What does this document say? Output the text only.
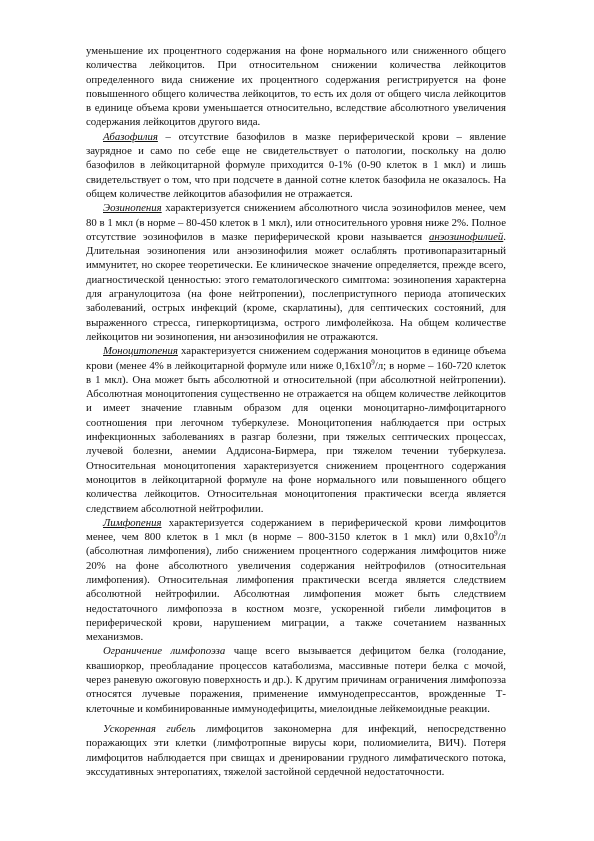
уменьшение их процентного содержания на фоне нормального или сниженного общего количества лейкоцитов. При относительном снижении количества лейкоцитов определенного вида снижение их процентного содержания регистрируется на фоне повышенного общего количества лейкоцитов, то есть их доля от общего числа лейкоцитов в единице объема крови уменьшается относительно, вследствие абсолютного увеличения содержания лейкоцитов другого вида.

Абазофилия – отсутствие базофилов в мазке периферической крови – явление заурядное и само по себе еще не свидетельствует о патологии, поскольку на долю базофилов в лейкоцитарной формуле приходится 0-1% (0-90 клеток в 1 мкл) и лишь свидетельствует о том, что при подсчете в данной сотне клеток базофила не оказалось. На общем количестве лейкоцитов абазофилия не отражается.

Эозинопения характеризуется снижением абсолютного числа эозинофилов менее, чем 80 в 1 мкл (в норме – 80-450 клеток в 1 мкл), или относительного уровня ниже 2%. Полное отсутствие эозинофилов в мазке периферической крови называется анэозинофилией. Длительная эозинопения или анэозинофилия может ослаблять противопаразитарный иммунитет, но скорее теоретически. Ее клиническое значение определяется, прежде всего, диагностической ценностью: этого гематологического симптома: эозинопения характерна для агранулоцитоза (на фоне нейтропении), послеприступного периода атопических заболеваний, острых инфекций (кроме, скарлатины), для септических состояний, для выраженного стресса, гиперкортицизма, острого лимфолейкоза. На общем количестве лейкоцитов ни эозинопения, ни анэозинофилия не отражаются.

Моноцитопения характеризуется снижением содержания моноцитов в единице объема крови (менее 4% в лейкоцитарной формуле или ниже $0,16х10^9/л$; в норме – 160-720 клеток в 1 мкл). Она может быть абсолютной и относительной (при абсолютной нейтропении). Абсолютная моноцитопения существенно не отражается на общем количестве лейкоцитов и имеет значение главным образом для оценки моноцитарно-лимфоцитарного соотношения при легочном туберкулезе. Моноцитопения наблюдается при острых инфекционных заболеваниях в разгар болезни, при тяжелых септических процессах, лучевой болезни, анемии Аддисона-Бирмера, при тяжелом течении туберкулеза. Относительная моноцитопения характеризуется снижением процентного содержания моноцитов в лейкоцитарной формуле на фоне нормального или повышенного общего количества лейкоцитов. Относительная моноцитопения практически всегда является следствием абсолютной нейтрофилии.

Лимфопения характеризуется содержанием в периферической крови лимфоцитов менее, чем 800 клеток в 1 мкл (в норме – 800-3150 клеток в 1 мкл) или $0,8х10^9/л$ (абсолютная лимфопения), либо снижением процентного содержания лимфоцитов ниже 20% на фоне абсолютного увеличения содержания нейтрофилов (относительная лимфопения). Относительная лимфопения практически всегда является следствием абсолютной нейтрофилии. Абсолютная лимфопения может быть следствием недостаточного лимфопоэза в костном мозге, ускоренной гибели лимфоцитов в периферической крови, нарушением миграции, а также сочетанием названных механизмов.

Ограничение лимфопоэза чаще всего вызывается дефицитом белка (голодание, квашиоркор, преобладание процессов катаболизма, массивные потери белка с мочой, через раневую ожоговую поверхность и др.). К другим причинам ограничения лимфопоэза относятся лучевые поражения, применение иммунодепрессантов, врожденные Т-клеточные и комбинированные иммунодефициты, миелоидные лейкемоидные реакции.

Ускоренная гибель лимфоцитов закономерна для инфекций, непосредственно поражающих эти клетки (лимфотропные вирусы кори, полиомиелита, ВИЧ). Потеря лимфоцитов наблюдается при свищах и дренировании грудного лимфатического потока, экссудативных энтеропатиях, тяжелой застойной сердечной недостаточности.
